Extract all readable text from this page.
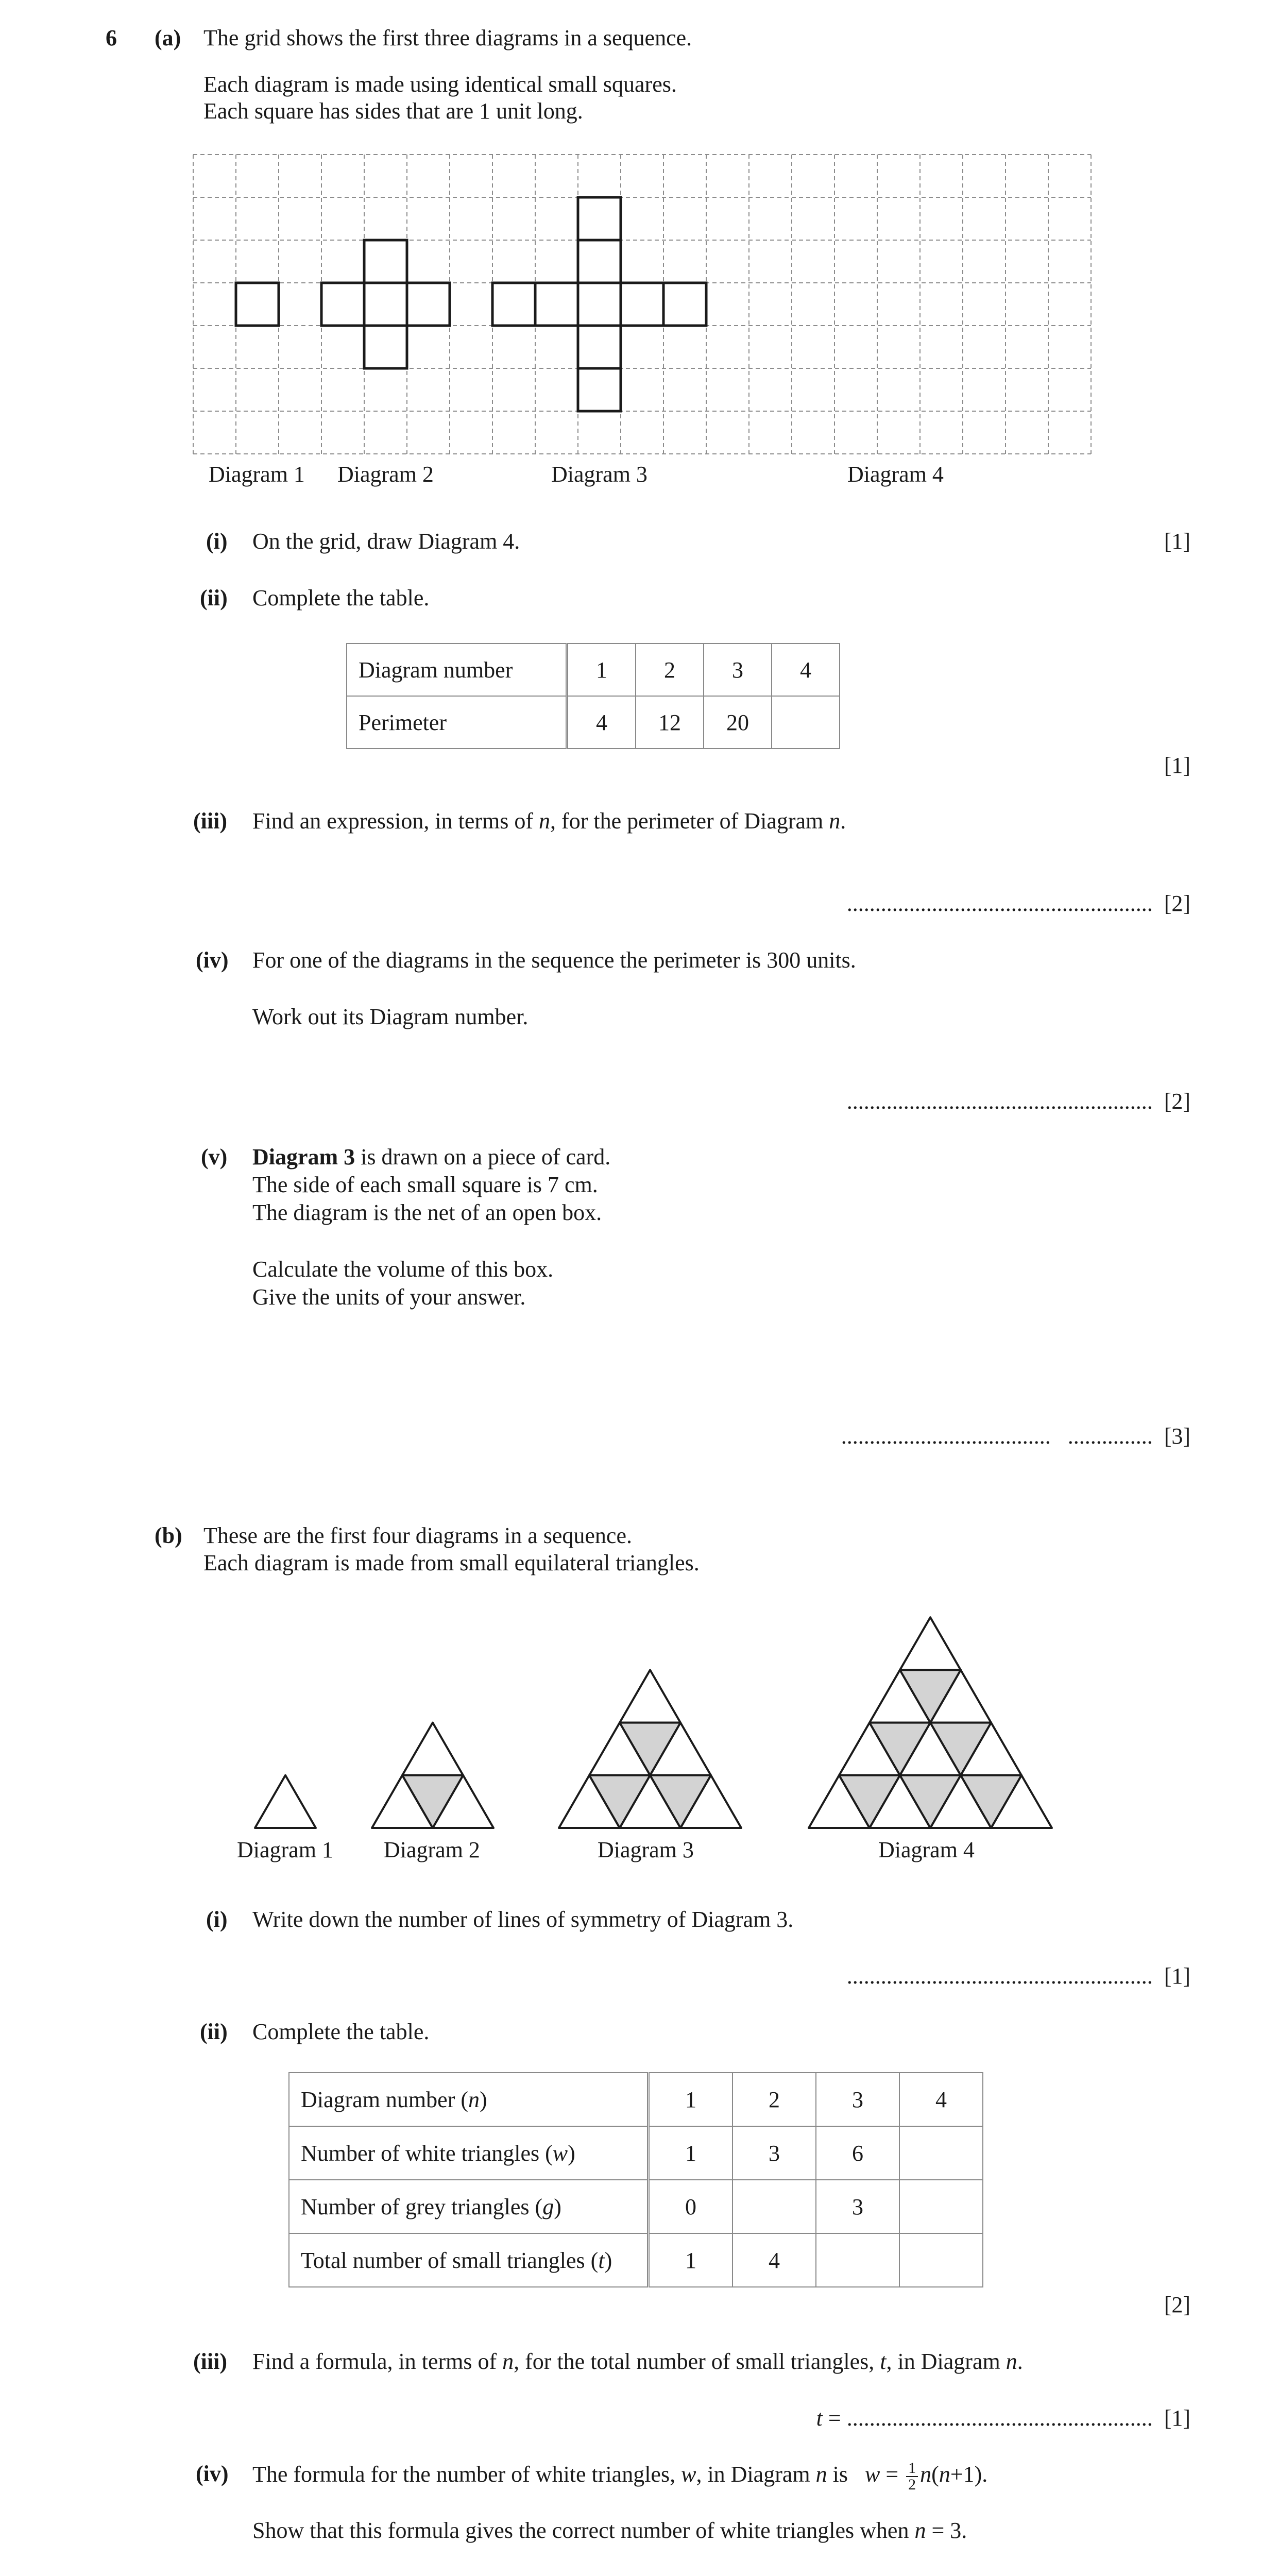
6 (a) The grid shows the first three diagrams in a sequence.
Each diagram is made using identical small squares.
Each square has sides that are 1 unit long.
Diagram 1 Diagram 2	Diagram 3	Diagram 4
(i) On the grid, draw Diagram 4.	[1]
(ii) Complete the table.
Diagram number	1	2	3	4
Perimeter	4	12	20	
[1]
(iii) Find an expression, in terms of n, for the perimeter of Diagram n.
...................................................... [2]
(iv) For one of the diagrams in the sequence the perimeter is 300 units.
Work out its Diagram number.
...................................................... [2]
(v) Diagram 3 is drawn on a piece of card.
The side of each small square is 7 cm.
The diagram is the net of an open box.
Calculate the volume of this box.
Give the units of your answer.
..................................... ............... [3]
(b) These are the first four diagrams in a sequence.
Each diagram is made from small equilateral triangles.
Diagram 1 Diagram 2	Diagram 3	Diagram 4
(i) Write down the number of lines of symmetry of Diagram 3.
...................................................... [1]
(ii) Complete the table.
Diagram number (n)	1	2	3	4
Number of white triangles (w)	1	3	6	
Number of grey triangles (g)	0		3	
Total number of small triangles (t)	1	4		
[2]
(iii) Find a formula, in terms of n, for the total number of small triangles, t, in Diagram n.
t = ...................................................... [1]
(iv) The formula for the number of white triangles, w, in Diagram n is $w = \frac{1}{2} n(n+1)$.
Show that this formula gives the correct number of white triangles when n = 3.
